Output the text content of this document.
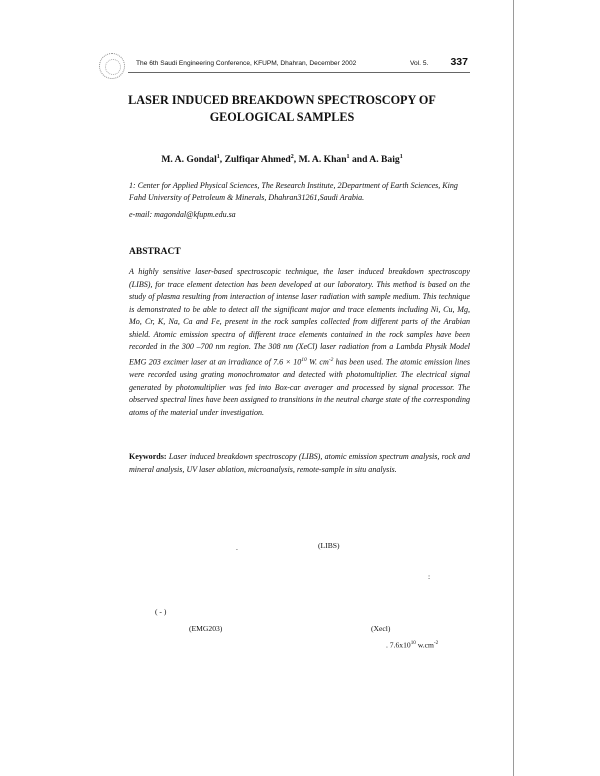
The 6th Saudi Engineering Conference, KFUPM, Dhahran, December 2002	Vol. 5. 337
LASER INDUCED BREAKDOWN SPECTROSCOPY OF
GEOLOGICAL SAMPLES
M. A. Gondal$^1$, Zulfiqar Ahmed$^2$, M. A. Khan$^1$ and A. Baig$^1$

1: Center for Applied Physical Sciences, The Research Institute, 2Department of Earth Sciences, King Fahd University of Petroleum & Minerals, Dhahran31261,Saudi Arabia.

e-mail: magondal@kfupm.edu.sa
ABSTRACT

A highly sensitive laser-based spectroscopic technique, the laser induced breakdown spectroscopy (LIBS), for trace element detection has been developed at our laboratory. This method is based on the study of plasma resulting from interaction of intense laser radiation with sample medium. This technique is demonstrated to be able to detect all the significant major and trace elements including Ni, Cu, Mg, Mo, Cr, K, Na, Ca and Fe, present in the rock samples collected from different parts of the Arabian shield. Atomic emission spectra of different trace elements contained in the rock samples have been recorded in the 300 –700 nm region. The 308 nm (XeCl) laser radiation from a Lambda Physik Model EMG 203 excimer laser at an irradiance of $7.6 \times 10^{10}$ W. $cm^{-2}$ has been used. The atomic emission lines were recorded using grating monochromator and detected with photomultiplier. The electrical signal generated by photomultiplier was fed into Box-car averager and processed by signal processor. The observed spectral lines have been assigned to transitions in the neutral charge state of the corresponding atoms of the material under investigation.

Keywords: Laser induced breakdown spectroscopy (LIBS), atomic emission spectrum analysis, rock and mineral analysis, UV laser ablation, microanalysis, remote-sample in situ analysis.

.	(LIBS)
:
( - )
(EMG203)	(Xecl)
. $7.6x10^{10}$ $w.cm^{-2}$
